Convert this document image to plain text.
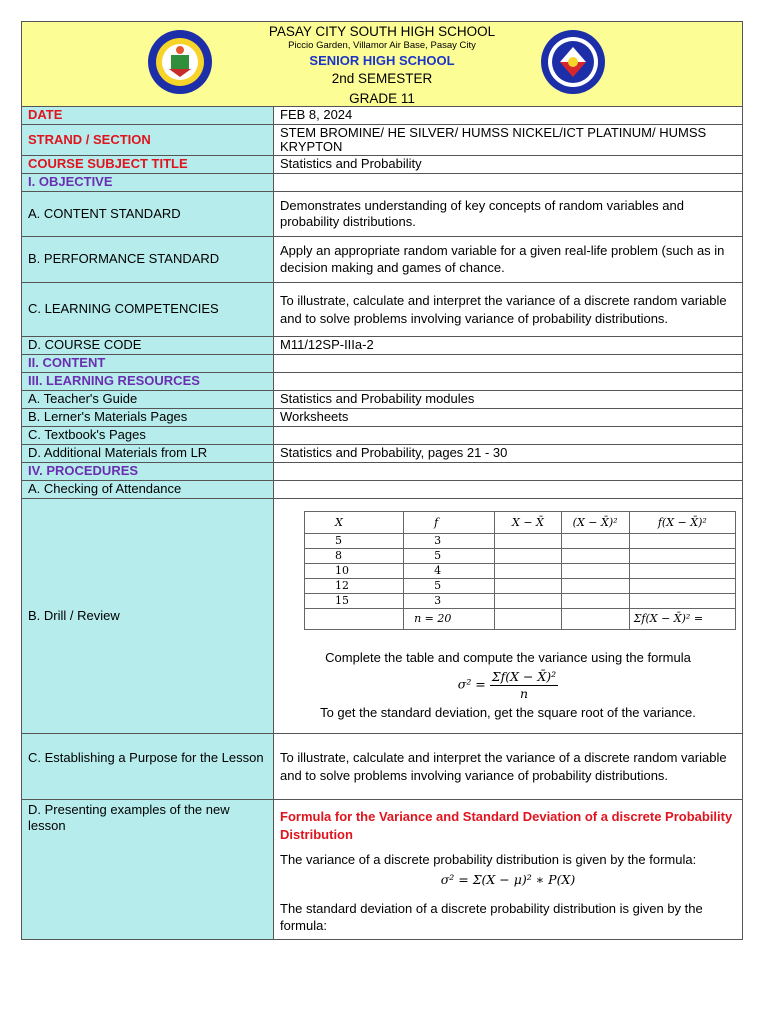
PASAY CITY SOUTH HIGH SCHOOL
Piccio Garden, Villamor Air Base, Pasay City
SENIOR HIGH SCHOOL
2nd SEMESTER
GRADE 11
DATE	FEB 8, 2024
STRAND / SECTION	STEM BROMINE/ HE SILVER/ HUMSS NICKEL/ICT PLATINUM/ HUMSS KRYPTON
COURSE SUBJECT TITLE	Statistics and Probability
I. OBJECTIVE	
A. CONTENT STANDARD	Demonstrates understanding of key concepts of random variables and probability distributions.
B. PERFORMANCE STANDARD	Apply an appropriate random variable for a given real-life problem (such as in decision making and games of chance.
C. LEARNING COMPETENCIES	To illustrate, calculate and interpret the variance of a discrete random variable and to solve problems involving variance of probability distributions.
D. COURSE CODE	M11/12SP-IIIa-2
II. CONTENT	
III. LEARNING RESOURCES	
A. Teacher's Guide	Statistics and Probability modules
B. Lerner's Materials Pages	Worksheets
C. Textbook's Pages	
D. Additional Materials from LR	Statistics and Probability, pages 21 - 30
IV. PROCEDURES	
A. Checking of Attendance	
B. Drill / Review	
X	f	X − X̄	(X − X̄)²	f(X − X̄)²
5	3			
8	5			
10	4			
12	5			
15	3			
	n = 20			Σf(X − X̄)² =
Complete the table and compute the variance using the formula
$\sigma^2 = \frac{\text{Σf(X − X̄)²}}{n}$
To get the standard deviation, get the square root of the variance.

C. Establishing a Purpose for the Lesson	To illustrate, calculate and interpret the variance of a discrete random variable and to solve problems involving variance of probability distributions.
D. Presenting examples of the new lesson	
Formula for the Variance and Standard Deviation of a discrete Probability Distribution
The variance of a discrete probability distribution is given by the formula:
σ² = Σ(X − μ)² ∗ P(X)
The standard deviation of a discrete probability distribution is given by the formula:
